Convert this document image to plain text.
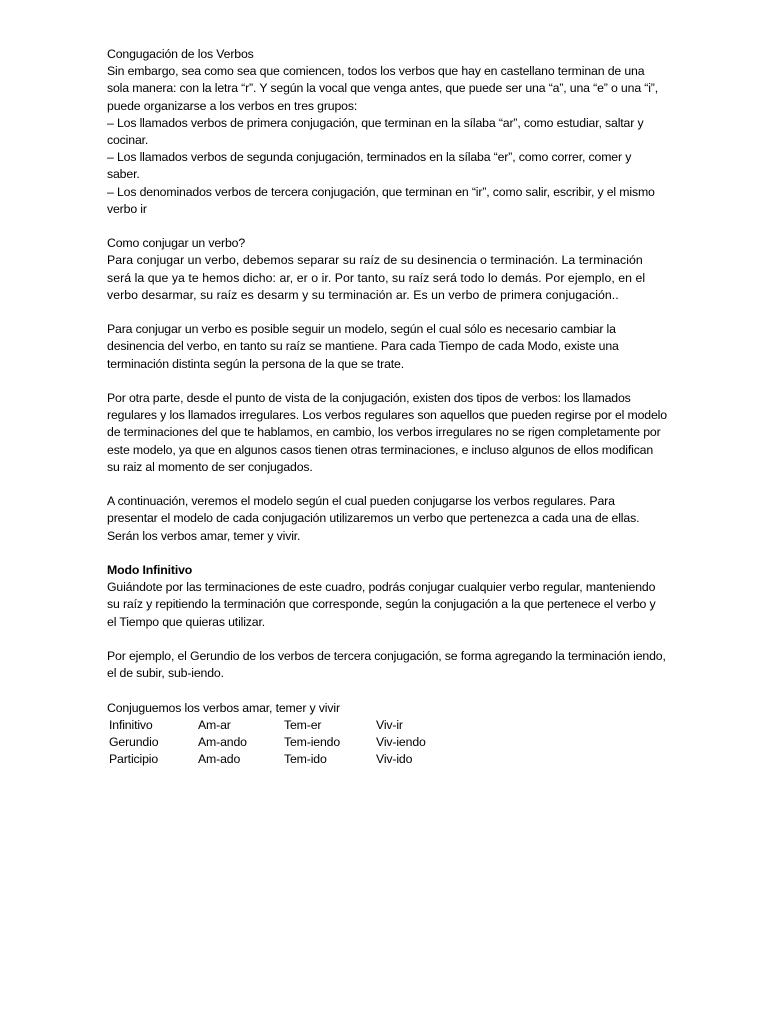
Congugación de los Verbos

Sin embargo, sea como sea que comiencen, todos los verbos que hay en castellano terminan de una sola manera: con la letra “r”. Y según la vocal que venga antes, que puede ser una “a”, una “e” o una “i”, puede organizarse a los verbos en tres grupos:

– Los llamados verbos de primera conjugación, que terminan en la sílaba “ar”, como estudiar, saltar y cocinar.

– Los llamados verbos de segunda conjugación, terminados en la sílaba “er”, como correr, comer y saber.

– Los denominados verbos de tercera conjugación, que terminan en “ir”, como salir, escribir, y el mismo verbo ir

Como conjugar un verbo?

Para conjugar un verbo, debemos separar su raíz de su desinencia o terminación. La terminación será la que ya te hemos dicho: ar, er o ir. Por tanto, su raíz será todo lo demás. Por ejemplo, en el verbo desarmar, su raíz es desarm y su terminación ar. Es un verbo de primera conjugación..

Para conjugar un verbo es posible seguir un modelo, según el cual sólo es necesario cambiar la desinencia del verbo, en tanto su raíz se mantiene. Para cada Tiempo de cada Modo, existe una terminación distinta según la persona de la que se trate.

Por otra parte, desde el punto de vista de la conjugación, existen dos tipos de verbos: los llamados regulares y los llamados irregulares. Los verbos regulares son aquellos que pueden regirse por el modelo de terminaciones del que te hablamos, en cambio, los verbos irregulares no se rigen completamente por este modelo, ya que en algunos casos tienen otras terminaciones, e incluso algunos de ellos modifican su raiz al momento de ser conjugados.

A continuación, veremos el modelo según el cual pueden conjugarse los verbos regulares. Para presentar el modelo de cada conjugación utilizaremos un verbo que pertenezca a cada una de ellas. Serán los verbos amar, temer y vivir.

Modo Infinitivo

Guiándote por las terminaciones de este cuadro, podrás conjugar cualquier verbo regular, manteniendo su raíz y repitiendo la terminación que corresponde, según la conjugación a la que pertenece el verbo y el Tiempo que quieras utilizar.

Por ejemplo, el Gerundio de los verbos de tercera conjugación, se forma agregando la terminación iendo, el de subir, sub-iendo.

Conjuguemos los verbos amar, temer y vivir

Infinitivo	Am-ar	Tem-er	Viv-ir
Gerundio	Am-ando	Tem-iendo	Viv-iendo
Participio	Am-ado	Tem-ido	Viv-ido
